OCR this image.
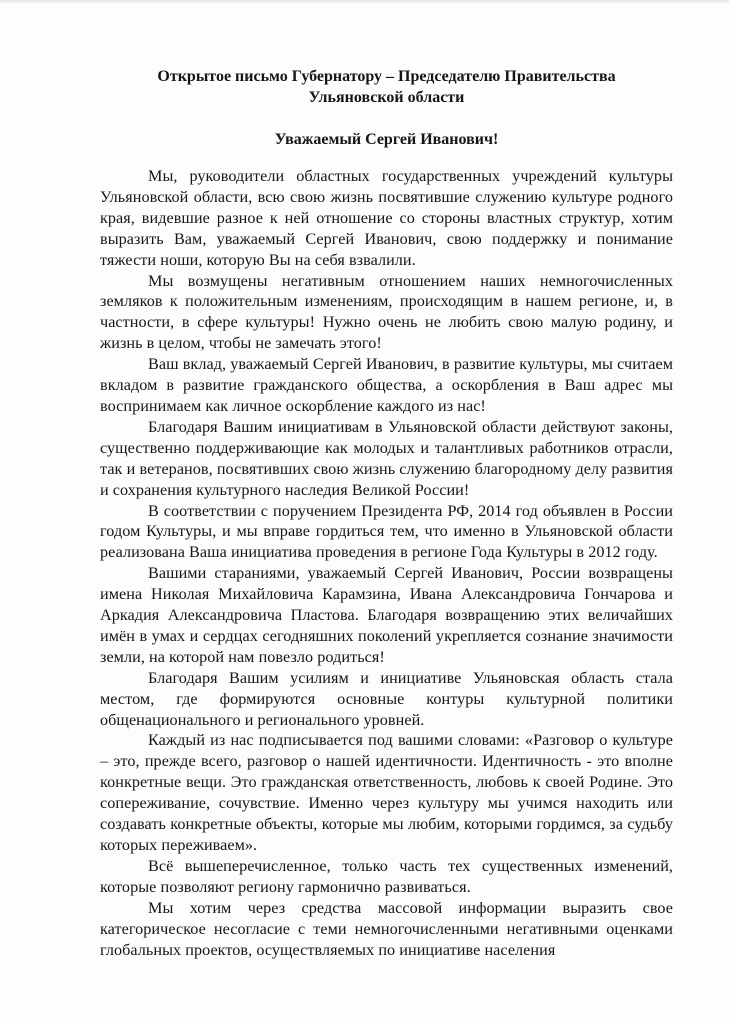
Открытое письмо Губернатору – Председателю Правительства
Ульяновской области

Уважаемый Сергей Иванович!

Мы, руководители областных государственных учреждений культуры Ульяновской области, всю свою жизнь посвятившие служению культуре родного края, видевшие разное к ней отношение со стороны властных структур, хотим выразить Вам, уважаемый Сергей Иванович, свою поддержку и понимание тяжести ноши, которую Вы на себя взвалили.

Мы возмущены негативным отношением наших немногочисленных земляков к положительным изменениям, происходящим в нашем регионе, и, в частности, в сфере культуры! Нужно очень не любить свою малую родину, и жизнь в целом, чтобы не замечать этого!

Ваш вклад, уважаемый Сергей Иванович, в развитие культуры, мы считаем вкладом в развитие гражданского общества, а оскорбления в Ваш адрес мы воспринимаем как личное оскорбление каждого из нас!

Благодаря Вашим инициативам в Ульяновской области действуют законы, существенно поддерживающие как молодых и талантливых работников отрасли, так и ветеранов, посвятивших свою жизнь служению благородному делу развития и сохранения культурного наследия Великой России!

В соответствии с поручением Президента РФ, 2014 год объявлен в России годом Культуры, и мы вправе гордиться тем, что именно в Ульяновской области реализована Ваша инициатива проведения в регионе Года Культуры в 2012 году.

Вашими стараниями, уважаемый Сергей Иванович, России возвращены имена Николая Михайловича Карамзина, Ивана Александровича Гончарова и Аркадия Александровича Пластова. Благодаря возвращению этих величайших имён в умах и сердцах сегодняшних поколений укрепляется сознание значимости земли, на которой нам повезло родиться!

Благодаря Вашим усилиям и инициативе Ульяновская область стала местом, где формируются основные контуры культурной политики общенационального и регионального уровней.

Каждый из нас подписывается под вашими словами: «Разговор о культуре – это, прежде всего, разговор о нашей идентичности. Идентичность - это вполне конкретные вещи. Это гражданская ответственность, любовь к своей Родине. Это сопереживание, сочувствие. Именно через культуру мы учимся находить или создавать конкретные объекты, которые мы любим, которыми гордимся, за судьбу которых переживаем».

Всё вышеперечисленное, только часть тех существенных изменений, которые позволяют региону гармонично развиваться.

Мы хотим через средства массовой информации выразить свое категорическое несогласие с теми немногочисленными негативными оценками глобальных проектов, осуществляемых по инициативе населения
